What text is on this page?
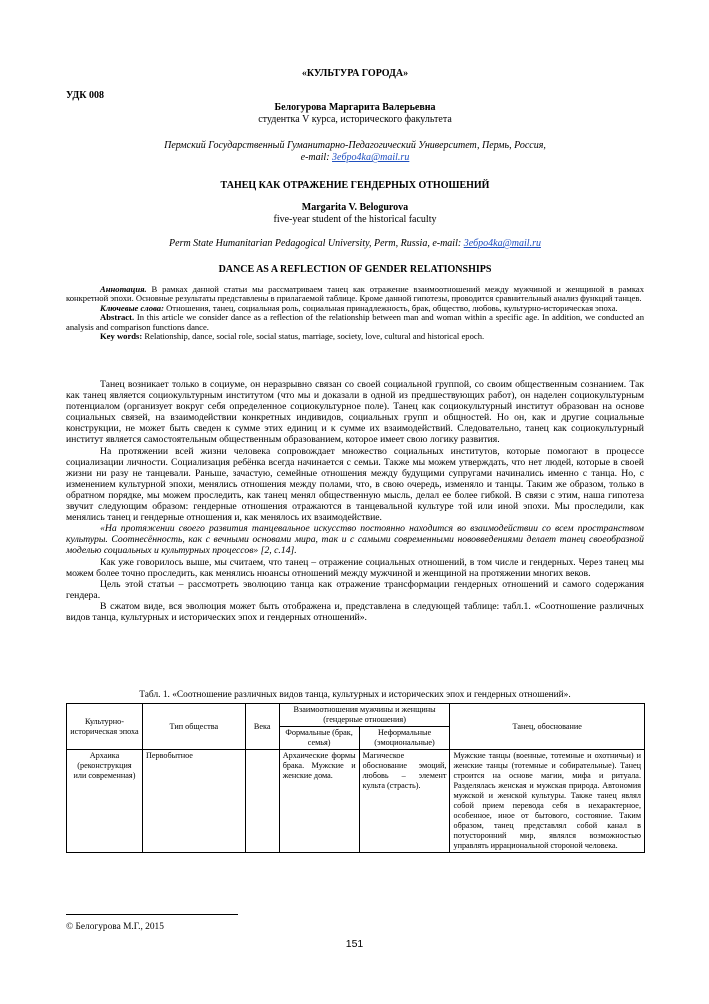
«КУЛЬТУРА ГОРОДА»
УДК 008
Белогурова Маргарита Валерьевна
студентка V курса, исторического факультета
Пермский Государственный Гуманитарно-Педагогический Университет, Пермь, Россия,
e-mail: 3eбpo4ka@mail.ru
ТАНЕЦ КАК ОТРАЖЕНИЕ ГЕНДЕРНЫХ ОТНОШЕНИЙ
Margarita V. Belogurova
five-year student of the historical faculty
Perm State Humanitarian Pedagogical University, Perm, Russia, e-mail: 3eбpo4ka@mail.ru
DANCE AS A REFLECTION OF GENDER RELATIONSHIPS

Аннотация. В рамках данной статьи мы рассматриваем танец как отражение взаимоотношений между мужчиной и женщиной в рамках конкретной эпохи. Основные результаты представлены в прилагаемой таблице. Кроме данной гипотезы, проводится сравнительный анализ функций танцев.

Ключевые слова: Отношения, танец, социальная роль, социальная принадлежность, брак, общество, любовь, культурно-историческая эпоха.

Abstract. In this article we consider dance as a reflection of the relationship between man and woman within a specific age. In addition, we conducted an analysis and comparison functions dance.

Key words: Relationship, dance, social role, social status, marriage, society, love, cultural and historical epoch.

Танец возникает только в социуме, он неразрывно связан со своей социальной группой, со своим общественным сознанием. Так как танец является социокультурным институтом (что мы и доказали в одной из предшествующих работ), он наделен социокультурным потенциалом (организует вокруг себя определенное социокультурное поле). Танец как социокультурный институт образован на основе социальных связей, на взаимодействии конкретных индивидов, социальных групп и общностей. Но он, как и другие социальные конструкции, не может быть сведен к сумме этих единиц и к сумме их взаимодействий. Следовательно, танец как социокультурный институт является самостоятельным общественным образованием, которое имеет свою логику развития.

На протяжении всей жизни человека сопровождает множество социальных институтов, которые помогают в процессе социализации личности. Социализация ребёнка всегда начинается с семьи. Также мы можем утверждать, что нет людей, которые в своей жизни ни разу не танцевали. Раньше, зачастую, семейные отношения между будущими супругами начинались именно с танца. Но, с изменением культурной эпохи, менялись отношения между полами, что, в свою очередь, изменяло и танцы. Таким же образом, только в обратном порядке, мы можем проследить, как танец менял общественную мысль, делал ее более гибкой. В связи с этим, наша гипотеза звучит следующим образом: гендерные отношения отражаются в танцевальной культуре той или иной эпохи. Мы проследили, как менялись танец и гендерные отношения и, как менялось их взаимодействие.

«На протяжении своего развития танцевальное искусство постоянно находится во взаимодействии со всем пространством культуры. Соотнесённость, как с вечными основами мира, так и с самыми современными нововведениями делает танец своеобразной моделью социальных и культурных процессов» [2, с.14].

Как уже говорилось выше, мы считаем, что танец – отражение социальных отношений, в том числе и гендерных. Через танец мы можем более точно проследить, как менялись нюансы отношений между мужчиной и женщиной на протяжении многих веков.

Цель этой статьи – рассмотреть эволюцию танца как отражение трансформации гендерных отношений и самого содержания гендера.

В сжатом виде, вся эволюция может быть отображена и, представлена в следующей таблице: табл.1. «Соотношение различных видов танца, культурных и исторических эпох и гендерных отношений».

Табл. 1. «Соотношение различных видов танца, культурных и исторических эпох и гендерных отношений».
Культурно-историческая эпоха	Тип общества	Века	Взаимоотношения мужчины и женщины (гендерные отношения)		Танец, обоснование
			Формальные (брак, семья)	Неформальные (эмоциональные)	
Архаика (реконструкция или современная)	Первобытное		Архаические формы брака. Мужские и женские дома.	Магическое обоснование эмоций, любовь – элемент культа (страсть).	Мужские танцы (военные, тотемные и охотничьи) и женские танцы (тотемные и собирательные). Танец строится на основе магии, мифа и ритуала. Разделялась женская и мужская природа. Автономия мужской и женской культуры. Также танец являл собой прием перевода себя в нехарактерное, особенное, иное от бытового, состояние. Таким образом, танец представлял собой канал в потусторонний мир, являлся возможностью управлять иррациональной стороной человека.
© Белогурова М.Г., 2015
151
